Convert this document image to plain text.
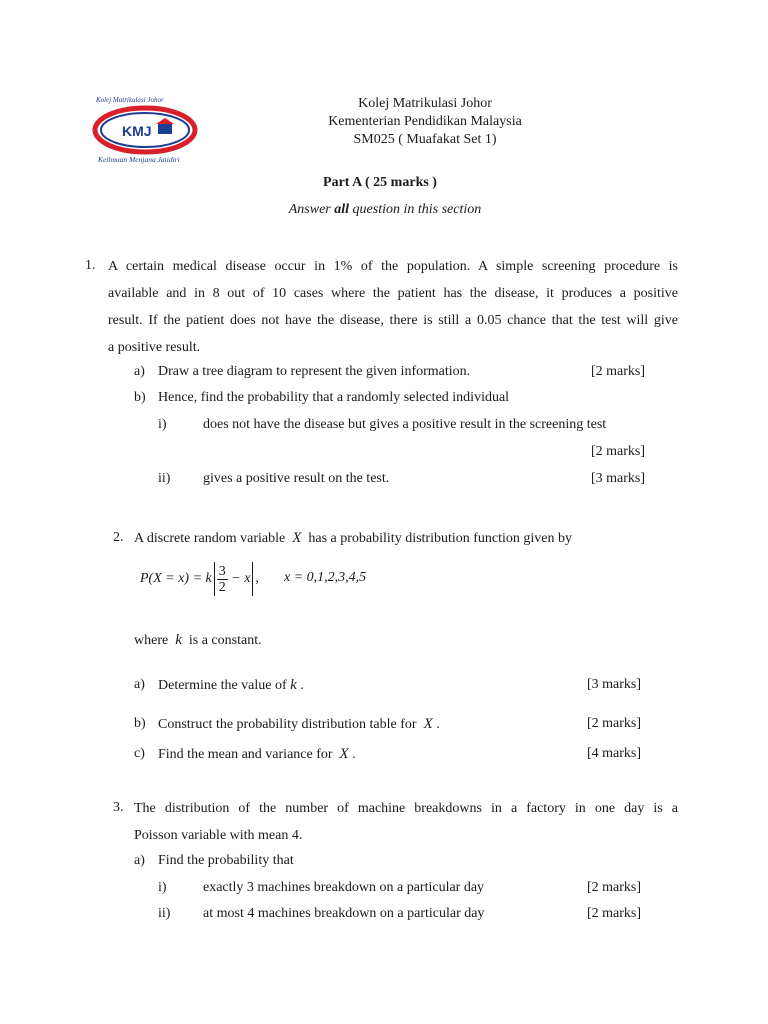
KMJ
Kolej Matrikulasi Johor
Keilmuan Menjana Jatidiri
Kolej Matrikulasi Johor
Kementerian Pendidikan Malaysia
SM025 ( Muafakat Set 1)
Part A ( 25 marks )
Answer all question in this section
1. A certain medical disease occur in 1% of the population. A simple screening procedure is
available and in 8 out of 10 cases where the patient has the disease, it produces a positive
result. If the patient does not have the disease, there is still a 0.05 chance that the test will give
a positive result.
a) Draw a tree diagram to represent the given information.	[2 marks]
b) Hence, find the probability that a randomly selected individual
i)	does not have the disease but gives a positive result in the screening test
[2 marks]
ii) gives a positive result on the test.	[3 marks]
2. A discrete random variable X has a probability distribution function given by
P(X = x) = k $\frac{3}{2} - x$ , x = 0,1,2,3,4,5
where k is a constant.
a) Determine the value of k .	[3 marks]
b) Construct the probability distribution table for X .	[2 marks]
c) Find the mean and variance for X .	[4 marks]
3. The distribution of the number of machine breakdowns in a factory in one day is a
Poisson variable with mean 4.
a) Find the probability that
i)	exactly 3 machines breakdown on a particular day	[2 marks]
ii) at most 4 machines breakdown on a particular day	[2 marks]
